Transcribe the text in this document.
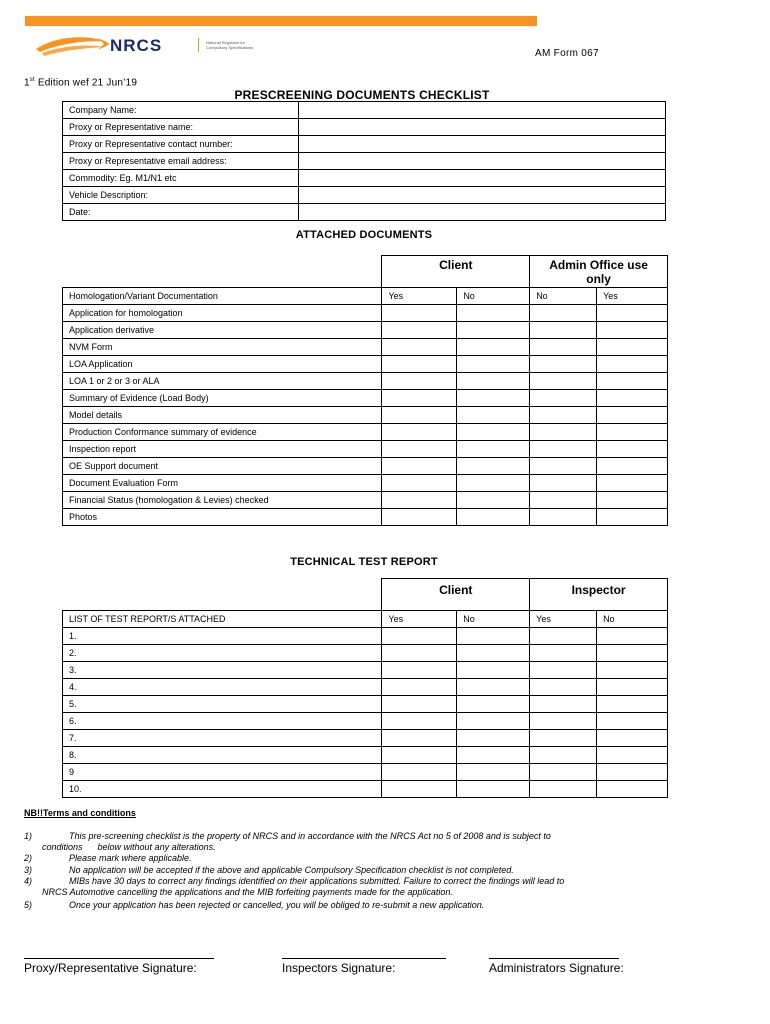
NRCS	National Regulator for
Compulsory Specifications
AM Form 067
1st Edition wef 21 Jun’19
PRESCREENING DOCUMENTS CHECKLIST
Company Name:	
Proxy or Representative name:	
Proxy or Representative contact number:	
Proxy or Representative email address:	
Commodity: Eg. M1/N1 etc	
Vehicle Description:	
Date:	
ATTACHED DOCUMENTS
	Client		Admin Office use only	
Homologation/Variant Documentation	Yes	No	No	Yes
Application for homologation				
Application derivative				
NVM Form				
LOA Application				
LOA 1 or 2 or 3 or ALA				
Summary of Evidence (Load Body)				
Model details				
Production Conformance summary of evidence				
Inspection report				
OE Support document				
Document Evaluation Form				
Financial Status (homologation & Levies) checked				
Photos				
TECHNICAL TEST REPORT
	Client		Inspector	
LIST OF TEST REPORT/S ATTACHED	Yes	No	Yes	No
1.				
2.				
3.				
4.				
5.				
6.				
7.				
8.				
9				
10.				
NB!!Terms and conditions
1)	This pre-screening checklist is the property of NRCS and in accordance with the NRCS Act no 5 of 2008 and is subject to
conditions      below without any alterations.
2)	Please mark where applicable.
3)	No application will be accepted if the above and applicable Compulsory Specification checklist is not completed.
4)	MIBs have 30 days to correct any findings identified on their applications submitted. Failure to correct the findings will lead to
NRCS Automotive cancelling the applications and the MIB forfeiting payments made for the application.
5)	Once your application has been rejected or cancelled, you will be obliged to re-submit a new application.
Proxy/Representative Signature:	Inspectors Signature:	Administrators Signature:
